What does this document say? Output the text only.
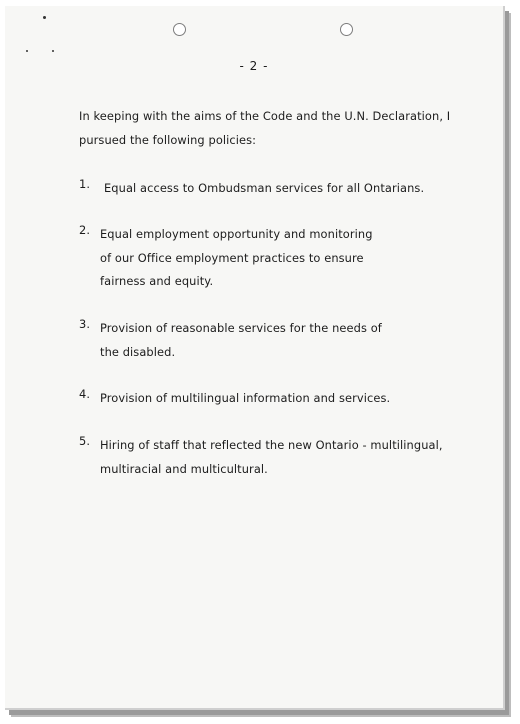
- 2 -

In keeping with the aims of the Code and the U.N. Declaration, I pursued the following policies:

1. Equal access to Ombudsman services for all Ontarians.
2. Equal employment opportunity and monitoring of our Office employment practices to ensure fairness and equity.
3. Provision of reasonable services for the needs of the disabled.
4. Provision of multilingual information and services.
5. Hiring of staff that reflected the new Ontario - multilingual, multiracial and multicultural.
